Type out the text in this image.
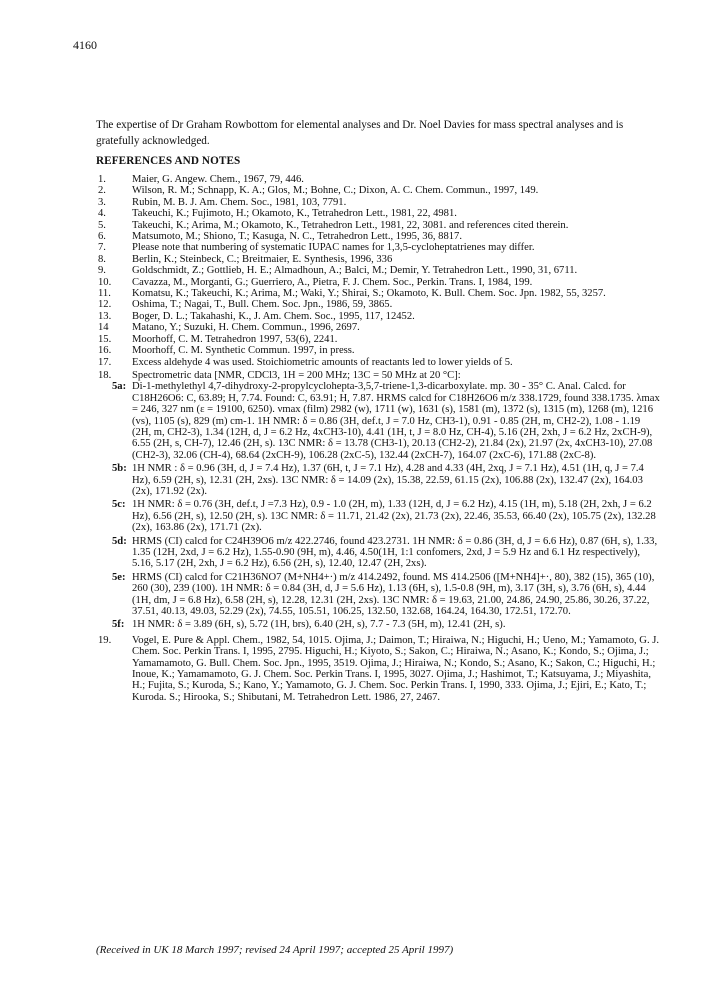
4160

The expertise of Dr Graham Rowbottom for elemental analyses and Dr. Noel Davies for mass spectral analyses and is gratefully acknowledged.

REFERENCES AND NOTES
1.	Maier, G. Angew. Chem., 1967, 79, 446.
2.	Wilson, R. M.; Schnapp, K. A.; Glos, M.; Bohne, C.; Dixon, A. C. Chem. Commun., 1997, 149.
3.	Rubin, M. B. J. Am. Chem. Soc., 1981, 103, 7791.
4.	Takeuchi, K.; Fujimoto, H.; Okamoto, K., Tetrahedron Lett., 1981, 22, 4981.
5.	Takeuchi, K.; Arima, M.; Okamoto, K., Tetrahedron Lett., 1981, 22, 3081. and references cited therein.
6.	Matsumoto, M.; Shiono, T.; Kasuga, N. C., Tetrahedron Lett., 1995, 36, 8817.
7.	Please note that numbering of systematic IUPAC names for 1,3,5-cycloheptatrienes may differ.
8.	Berlin, K.; Steinbeck, C.; Breitmaier, E. Synthesis, 1996, 336
9.	Goldschmidt, Z.; Gottlieb, H. E.; Almadhoun, A.; Balci, M.; Demir, Y. Tetrahedron Lett., 1990, 31, 6711.
10.	Cavazza, M., Morganti, G.; Guerriero, A., Pietra, F. J. Chem. Soc., Perkin. Trans. I, 1984, 199.
11.	Komatsu, K.; Takeuchi, K.; Arima, M.; Waki, Y.; Shirai, S.; Okamoto, K. Bull. Chem. Soc. Jpn. 1982, 55, 3257.
12.	Oshima, T.; Nagai, T., Bull. Chem. Soc. Jpn., 1986, 59, 3865.
13.	Boger, D. L.; Takahashi, K., J. Am. Chem. Soc., 1995, 117, 12452.
14	Matano, Y.; Suzuki, H. Chem. Commun., 1996, 2697.
15.	Moorhoff, C. M. Tetrahedron 1997, 53(6), 2241.
16.	Moorhoff, C. M. Synthetic Commun. 1997, in press.
17.	Excess aldehyde 4 was used. Stoichiometric amounts of reactants led to lower yields of 5.
18.	Spectrometric data [NMR, CDCl3, 1H = 200 MHz; 13C = 50 MHz at 20 °C]:
5a: Di-1-methylethyl 4,7-dihydroxy-2-propylcyclohepta-3,5,7-triene-1,3-dicarboxylate. mp. 30 - 35° C. Anal. Calcd. for C18H26O6: C, 63.89; H, 7.74. Found: C, 63.91; H, 7.87. HRMS calcd for C18H26O6 m/z 338.1729, found 338.1735. λmax = 246, 327 nm (ε = 19100, 6250). νmax (film) 2982 (w), 1711 (w), 1631 (s), 1581 (m), 1372 (s), 1315 (m), 1268 (m), 1216 (vs), 1105 (s), 829 (m) cm-1. 1H NMR: δ = 0.86 (3H, def.t, J = 7.0 Hz, CH3-1), 0.91 - 0.85 (2H, m, CH2-2), 1.08 - 1.19 (2H, m, CH2-3), 1.34 (12H, d, J = 6.2 Hz, 4xCH3-10), 4.41 (1H, t, J = 8.0 Hz, CH-4), 5.16 (2H, 2xh, J = 6.2 Hz, 2xCH-9), 6.55 (2H, s, CH-7), 12.46 (2H, s). 13C NMR: δ = 13.78 (CH3-1), 20.13 (CH2-2), 21.84 (2x), 21.97 (2x, 4xCH3-10), 27.08 (CH2-3), 32.06 (CH-4), 68.64 (2xCH-9), 106.28 (2xC-5), 132.44 (2xCH-7), 164.07 (2xC-6), 171.88 (2xC-8).
5b: 1H NMR : δ = 0.96 (3H, d, J = 7.4 Hz), 1.37 (6H, t, J = 7.1 Hz), 4.28 and 4.33 (4H, 2xq, J = 7.1 Hz), 4.51 (1H, q, J = 7.4 Hz), 6.59 (2H, s), 12.31 (2H, 2xs). 13C NMR: δ = 14.09 (2x), 15.38, 22.59, 61.15 (2x), 106.88 (2x), 132.47 (2x), 164.03 (2x), 171.92 (2x).
5c: 1H NMR: δ = 0.76 (3H, def.t, J =7.3 Hz), 0.9 - 1.0 (2H, m), 1.33 (12H, d, J = 6.2 Hz), 4.15 (1H, m), 5.18 (2H, 2xh, J = 6.2 Hz), 6.56 (2H, s), 12.50 (2H, s). 13C NMR: δ = 11.71, 21.42 (2x), 21.73 (2x), 22.46, 35.53, 66.40 (2x), 105.75 (2x), 132.28 (2x), 163.86 (2x), 171.71 (2x).
5d: HRMS (CI) calcd for C24H39O6 m/z 422.2746, found 423.2731. 1H NMR: δ = 0.86 (3H, d, J = 6.6 Hz), 0.87 (6H, s), 1.33, 1.35 (12H, 2xd, J = 6.2 Hz), 1.55-0.90 (9H, m), 4.46, 4.50(1H, 1:1 confomers, 2xd, J = 5.9 Hz and 6.1 Hz respectively), 5.16, 5.17 (2H, 2xh, J = 6.2 Hz), 6.56 (2H, s), 12.40, 12.47 (2H, 2xs).
5e: HRMS (CI) calcd for C21H36NO7 (M+NH4+·) m/z 414.2492, found. MS 414.2506 ([M+NH4]+·, 80), 382 (15), 365 (10), 260 (30), 239 (100). 1H NMR: δ = 0.84 (3H, d, J = 5.6 Hz), 1.13 (6H, s), 1.5-0.8 (9H, m), 3.17 (3H, s), 3.76 (6H, s), 4.44 (1H, dm, J = 6.8 Hz), 6.58 (2H, s), 12.28, 12.31 (2H, 2xs). 13C NMR: δ = 19.63, 21.00, 24.86, 24.90, 25.86, 30.26, 37.22, 37.51, 40.13, 49.03, 52.29 (2x), 74.55, 105.51, 106.25, 132.50, 132.68, 164.24, 164.30, 172.51, 172.70.
5f: 1H NMR: δ = 3.89 (6H, s), 5.72 (1H, brs), 6.40 (2H, s), 7.7 - 7.3 (5H, m), 12.41 (2H, s).
19.	Vogel, E. Pure & Appl. Chem., 1982, 54, 1015. Ojima, J.; Daimon, T.; Hiraiwa, N.; Higuchi, H.; Ueno, M.; Yamamoto, G. J. Chem. Soc. Perkin Trans. I, 1995, 2795. Higuchi, H.; Kiyoto, S.; Sakon, C.; Hiraiwa, N.; Asano, K.; Kondo, S.; Ojima, J.; Yamamamoto, G. Bull. Chem. Soc. Jpn., 1995, 3519. Ojima, J.; Hiraiwa, N.; Kondo, S.; Asano, K.; Sakon, C.; Higuchi, H.; Inoue, K.; Yamamamoto, G. J. Chem. Soc. Perkin Trans. I, 1995, 3027. Ojima, J.; Hashimot, T.; Katsuyama, J.; Miyashita, H.; Fujita, S.; Kuroda, S.; Kano, Y.; Yamamoto, G. J. Chem. Soc. Perkin Trans. I, 1990, 333. Ojima, J.; Ejiri, E.; Kato, T.; Kuroda. S.; Hirooka, S.; Shibutani, M. Tetrahedron Lett. 1986, 27, 2467.
(Received in UK 18 March 1997; revised 24 April 1997; accepted 25 April 1997)
